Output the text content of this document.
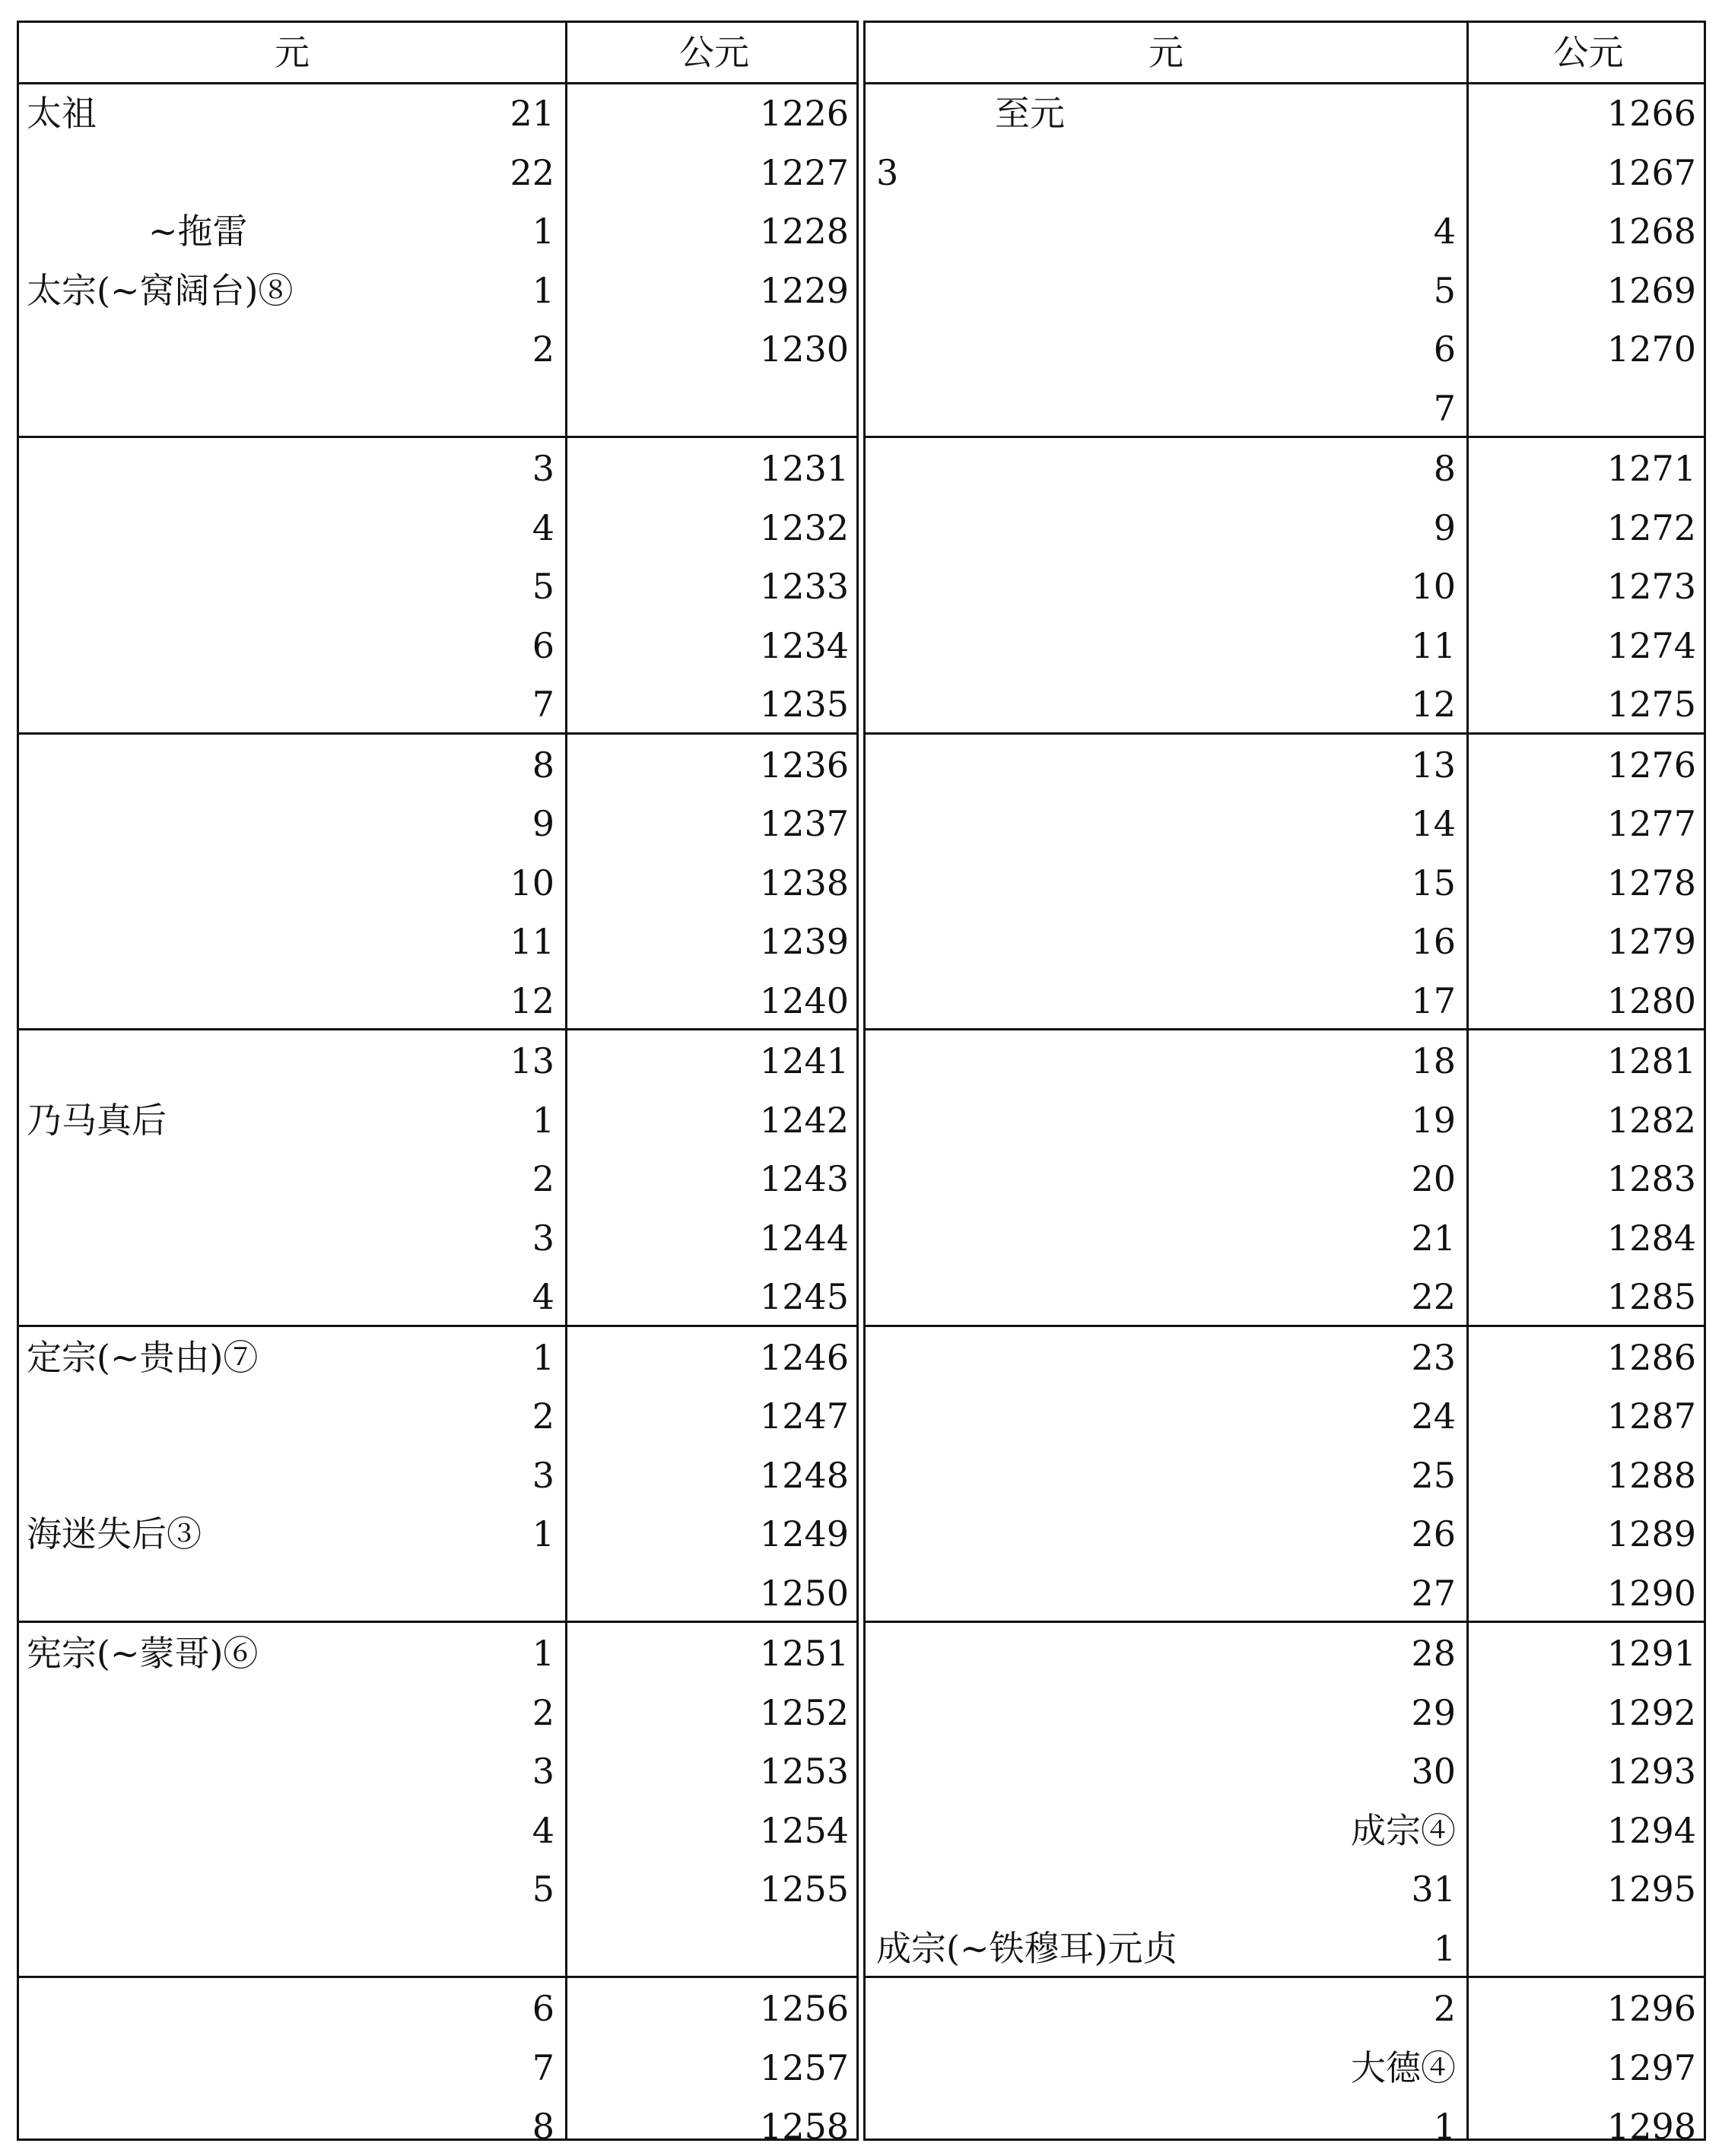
元	公元
太祖	21	1226
22	1227
~拖雷	1	1228
太宗(~窝阔台)⑧	1	1229
2	1230
3	1231
4	1232
5	1233
6	1234
7	1235
8	1236
9	1237
10	1238
11	1239
12	1240
13	1241
乃马真后	1	1242
2	1243
3	1244
4	1245
定宗(~贵由)⑦	1	1246
2	1247
3	1248
海迷失后③	1	1249
1250
宪宗(~蒙哥)⑥	1	1251
2	1252
3	1253
4	1254
5	1255
6	1256
7	1257
8	1258
元	公元
至元	1266
3	1267
4	1268
5	1269
6	1270
7
8	1271
9	1272
10	1273
11	1274
12	1275
13	1276
14	1277
15	1278
16	1279
17	1280
18	1281
19	1282
20	1283
21	1284
22	1285
23	1286
24	1287
25	1288
26	1289
27	1290
28	1291
29	1292
30	1293
成宗④	1294
31	1295
成宗(~铁穆耳)元贞	1
2	1296
大德④	1297
1	1298
